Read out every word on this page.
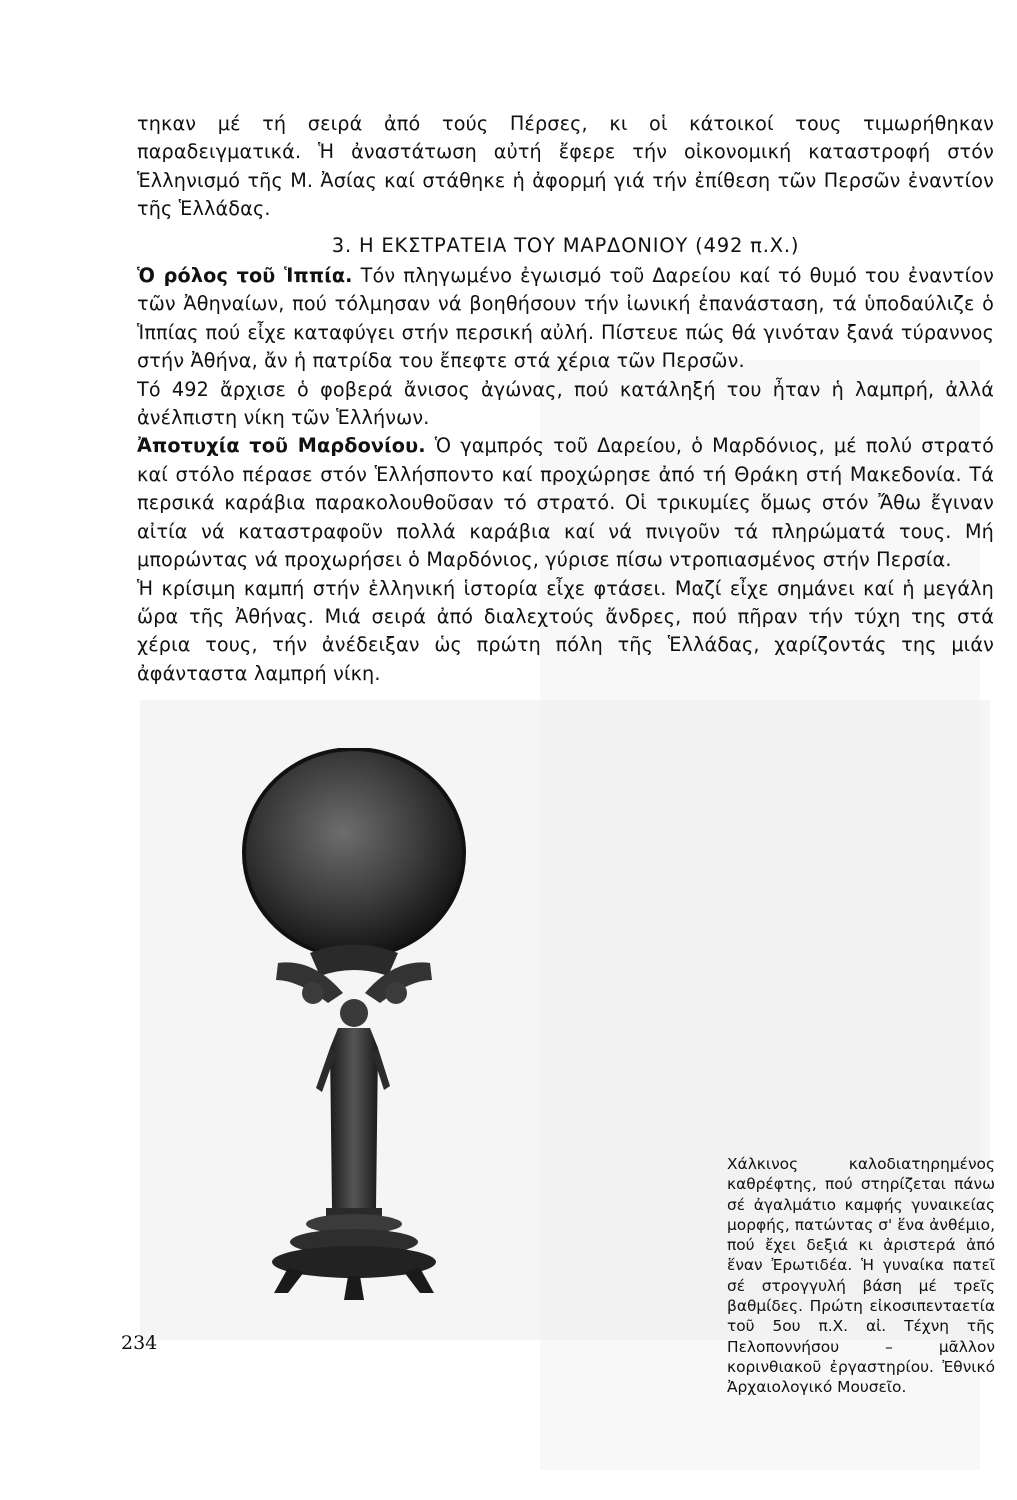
τηκαν μέ τή σειρά ἀπό τούς Πέρσες, κι οἱ κάτοικοί τους τιμωρήθηκαν παραδειγματικά. Ἡ ἀναστάτωση αὐτή ἔφερε τήν οἰκονομική καταστροφή στόν Ἑλληνισμό τῆς Μ. Ἀσίας καί στάθηκε ἡ ἀφορμή γιά τήν ἐπίθεση τῶν Περσῶν ἐναντίον τῆς Ἑλλάδας.

3. Η ΕΚΣΤΡΑΤΕΙΑ ΤΟΥ ΜΑΡΔΟΝΙΟΥ (492 π.Χ.)

Ὁ ρόλος τοῦ Ἱππία. Τόν πληγωμένο ἐγωισμό τοῦ Δαρείου καί τό θυμό του ἐναντίον τῶν Ἀθηναίων, πού τόλμησαν νά βοηθήσουν τήν ἰωνική ἐπανάσταση, τά ὑποδαύλιζε ὁ Ἱππίας πού εἶχε καταφύγει στήν περσική αὐλή. Πίστευε πώς θά γινόταν ξανά τύραννος στήν Ἀθήνα, ἄν ἡ πατρίδα του ἔπεφτε στά χέρια τῶν Περσῶν.

Τό 492 ἄρχισε ὁ φοβερά ἄνισος ἀγώνας, πού κατάληξή του ἦταν ἡ λαμπρή, ἀλλά ἀνέλπιστη νίκη τῶν Ἑλλήνων.

Ἀποτυχία τοῦ Μαρδονίου. Ὁ γαμπρός τοῦ Δαρείου, ὁ Μαρδόνιος, μέ πολύ στρατό καί στόλο πέρασε στόν Ἑλλήσποντο καί προχώρησε ἀπό τή Θράκη στή Μακεδονία. Τά περσικά καράβια παρακολουθοῦσαν τό στρατό. Οἱ τρικυμίες ὅμως στόν Ἄθω ἔγιναν αἰτία νά καταστραφοῦν πολλά καράβια καί νά πνιγοῦν τά πληρώματά τους. Μή μπορώντας νά προχωρήσει ὁ Μαρδόνιος, γύρισε πίσω ντροπιασμένος στήν Περσία.

Ἡ κρίσιμη καμπή στήν ἑλληνική ἱστορία εἶχε φτάσει. Μαζί εἶχε σημάνει καί ἡ μεγάλη ὥρα τῆς Ἀθήνας. Μιά σειρά ἀπό διαλεχτούς ἄνδρες, πού πῆραν τήν τύχη της στά χέρια τους, τήν ἀνέδειξαν ὡς πρώτη πόλη τῆς Ἑλλάδας, χαρίζοντάς της μιάν ἀφάνταστα λαμπρή νίκη.

Χάλκινος καλοδιατηρημένος καθρέφτης, πού στηρίζεται πάνω σέ ἀγαλμάτιο καμφής γυναικείας μορφής, πατώντας σ' ἕνα ἀνθέμιο, πού ἔχει δεξιά κι ἀριστερά ἀπό ἕναν Ἐρωτιδέα. Ἡ γυναίκα πατεῖ σέ στρογγυλή βάση μέ τρεῖς βαθμίδες. Πρώτη εἰκοσιπενταετία τοῦ 5ου π.Χ. αἰ. Τέχνη τῆς Πελοποννήσου – μᾶλλον κορινθιακοῦ ἐργαστηρίου. Ἐθνικό Ἀρχαιολογικό Μουσεῖο.
234
